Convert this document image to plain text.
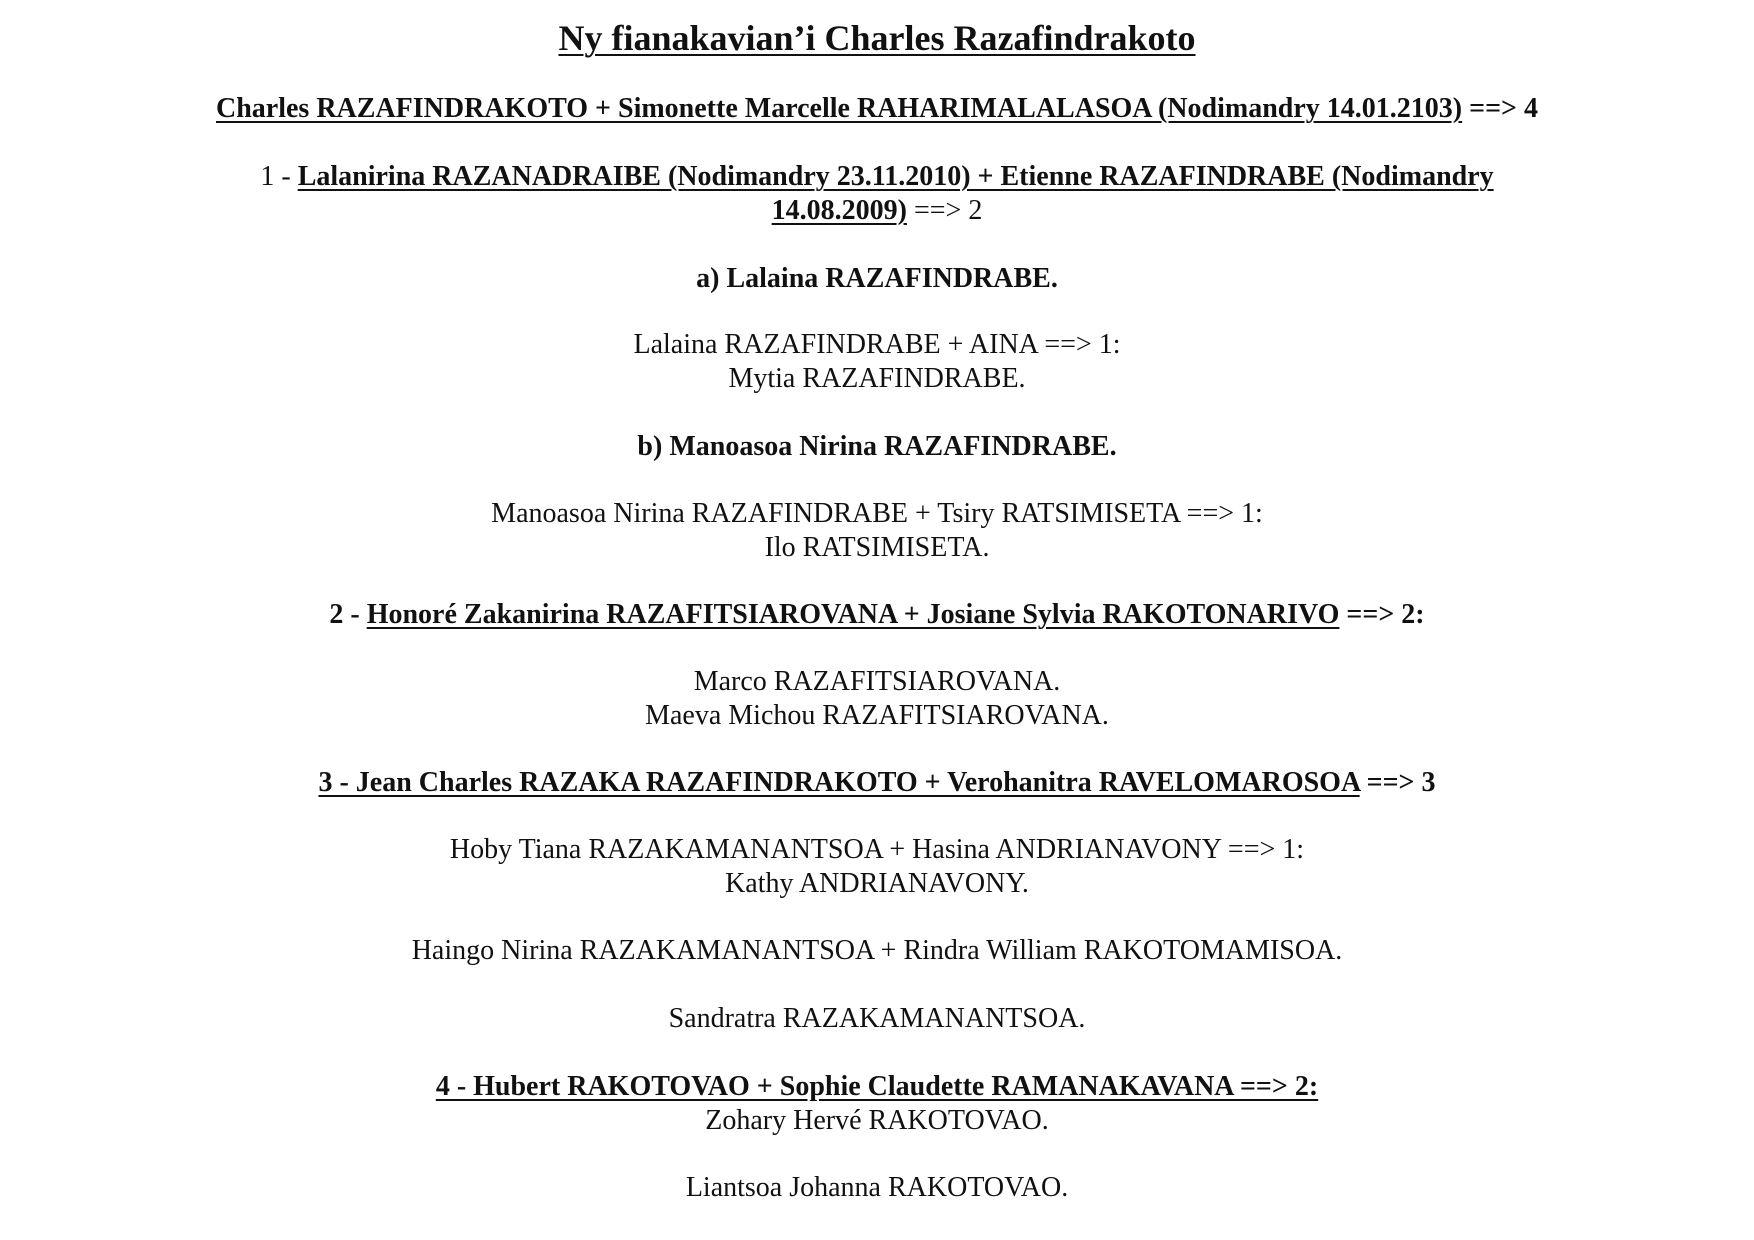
Ny fianakavian’i Charles Razafindrakoto
Charles RAZAFINDRAKOTO + Simonette Marcelle RAHARIMALALASOA (Nodimandry 14.01.2103) ==> 4
1 - Lalanirina RAZANADRAIBE (Nodimandry 23.11.2010) + Etienne RAZAFINDRABE (Nodimandry
14.08.2009) ==> 2
a) Lalaina RAZAFINDRABE.
Lalaina RAZAFINDRABE + AINA ==> 1:
Mytia RAZAFINDRABE.
b) Manoasoa Nirina RAZAFINDRABE.
Manoasoa Nirina RAZAFINDRABE + Tsiry RATSIMISETA ==> 1:
Ilo RATSIMISETA.
2 - Honoré Zakanirina RAZAFITSIAROVANA + Josiane Sylvia RAKOTONARIVO ==> 2:
Marco RAZAFITSIAROVANA.
Maeva Michou RAZAFITSIAROVANA.
3 - Jean Charles RAZAKA RAZAFINDRAKOTO + Verohanitra RAVELOMAROSOA ==> 3
Hoby Tiana RAZAKAMANANTSOA + Hasina ANDRIANAVONY ==> 1:
Kathy ANDRIANAVONY.
Haingo Nirina RAZAKAMANANTSOA + Rindra William RAKOTOMAMISOA.
Sandratra RAZAKAMANANTSOA.
4 - Hubert RAKOTOVAO + Sophie Claudette RAMANAKAVANA ==> 2:
Zohary Hervé RAKOTOVAO.
Liantsoa Johanna RAKOTOVAO.
